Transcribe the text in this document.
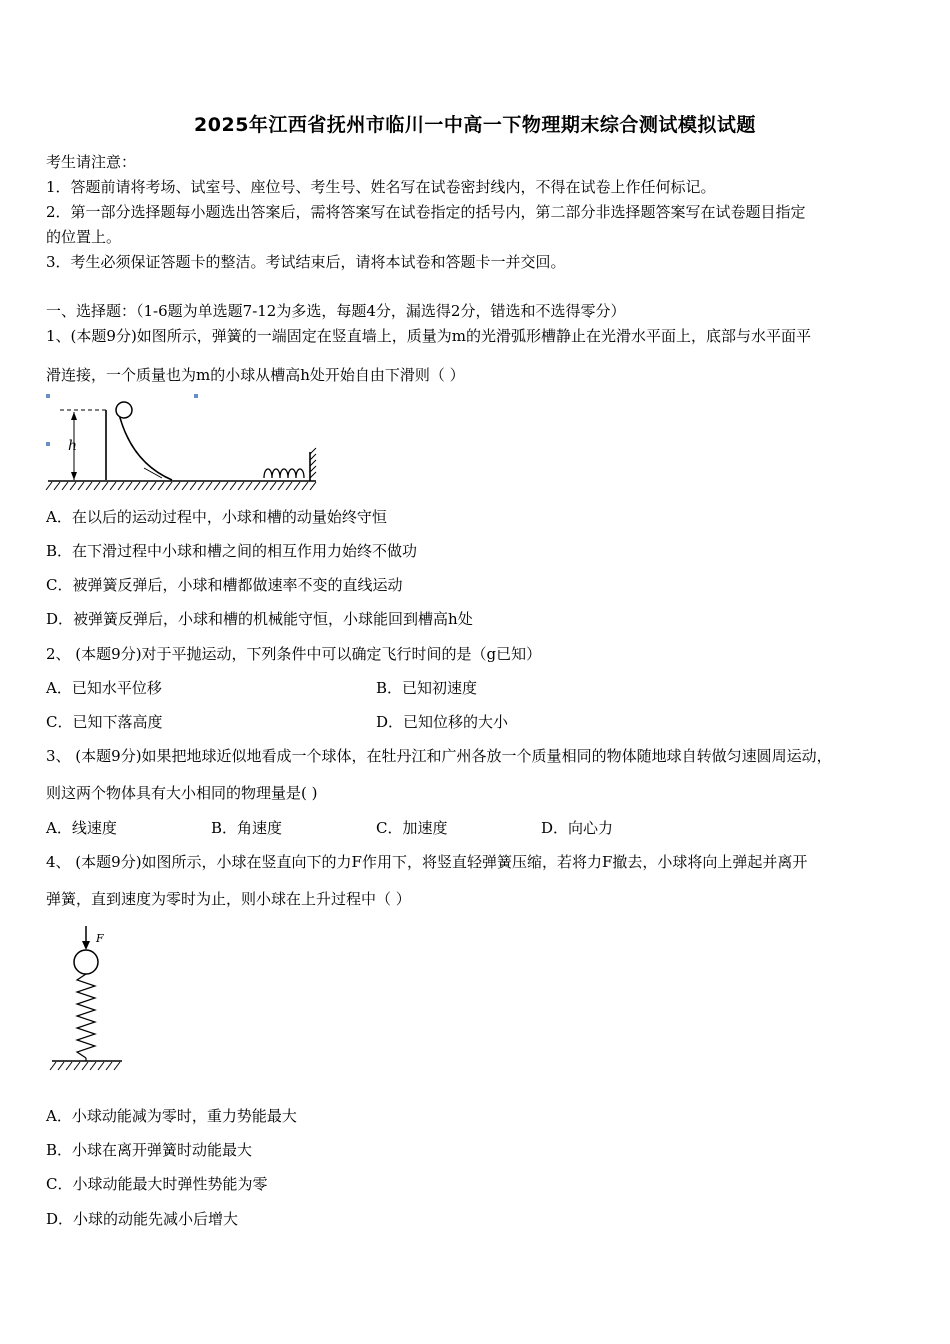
2025年江西省抚州市临川一中高一下物理期末综合测试模拟试题
考生请注意：
1．答题前请将考场、试室号、座位号、考生号、姓名写在试卷密封线内，不得在试卷上作任何标记。
2．第一部分选择题每小题选出答案后，需将答案写在试卷指定的括号内，第二部分非选择题答案写在试卷题目指定
的位置上。
3．考生必须保证答题卡的整洁。考试结束后，请将本试卷和答题卡一并交回。
一、选择题：（1-6题为单选题7-12为多选，每题4分，漏选得2分，错选和不选得零分）
1、(本题9分)如图所示，弹簧的一端固定在竖直墙上，质量为m的光滑弧形槽静止在光滑水平面上，底部与水平面平
滑连接，一个质量也为m的小球从槽高h处开始自由下滑则（ ）
h
A．在以后的运动过程中，小球和槽的动量始终守恒
B．在下滑过程中小球和槽之间的相互作用力始终不做功
C．被弹簧反弹后，小球和槽都做速率不变的直线运动
D．被弹簧反弹后，小球和槽的机械能守恒，小球能回到槽高h处
2、 (本题9分)对于平抛运动，下列条件中可以确定飞行时间的是（g已知）
A．已知水平位移	B．已知初速度
C．已知下落高度	D．已知位移的大小
3、 (本题9分)如果把地球近似地看成一个球体，在牡丹江和广州各放一个质量相同的物体随地球自转做匀速圆周运动，
则这两个物体具有大小相同的物理量是( )
A．线速度	B．角速度	C．加速度	D．向心力
4、 (本题9分)如图所示，小球在竖直向下的力F作用下，将竖直轻弹簧压缩，若将力F撤去，小球将向上弹起并离开
弹簧，直到速度为零时为止，则小球在上升过程中（ ）
F
A．小球动能减为零时，重力势能最大
B．小球在离开弹簧时动能最大
C．小球动能最大时弹性势能为零
D．小球的动能先减小后增大
